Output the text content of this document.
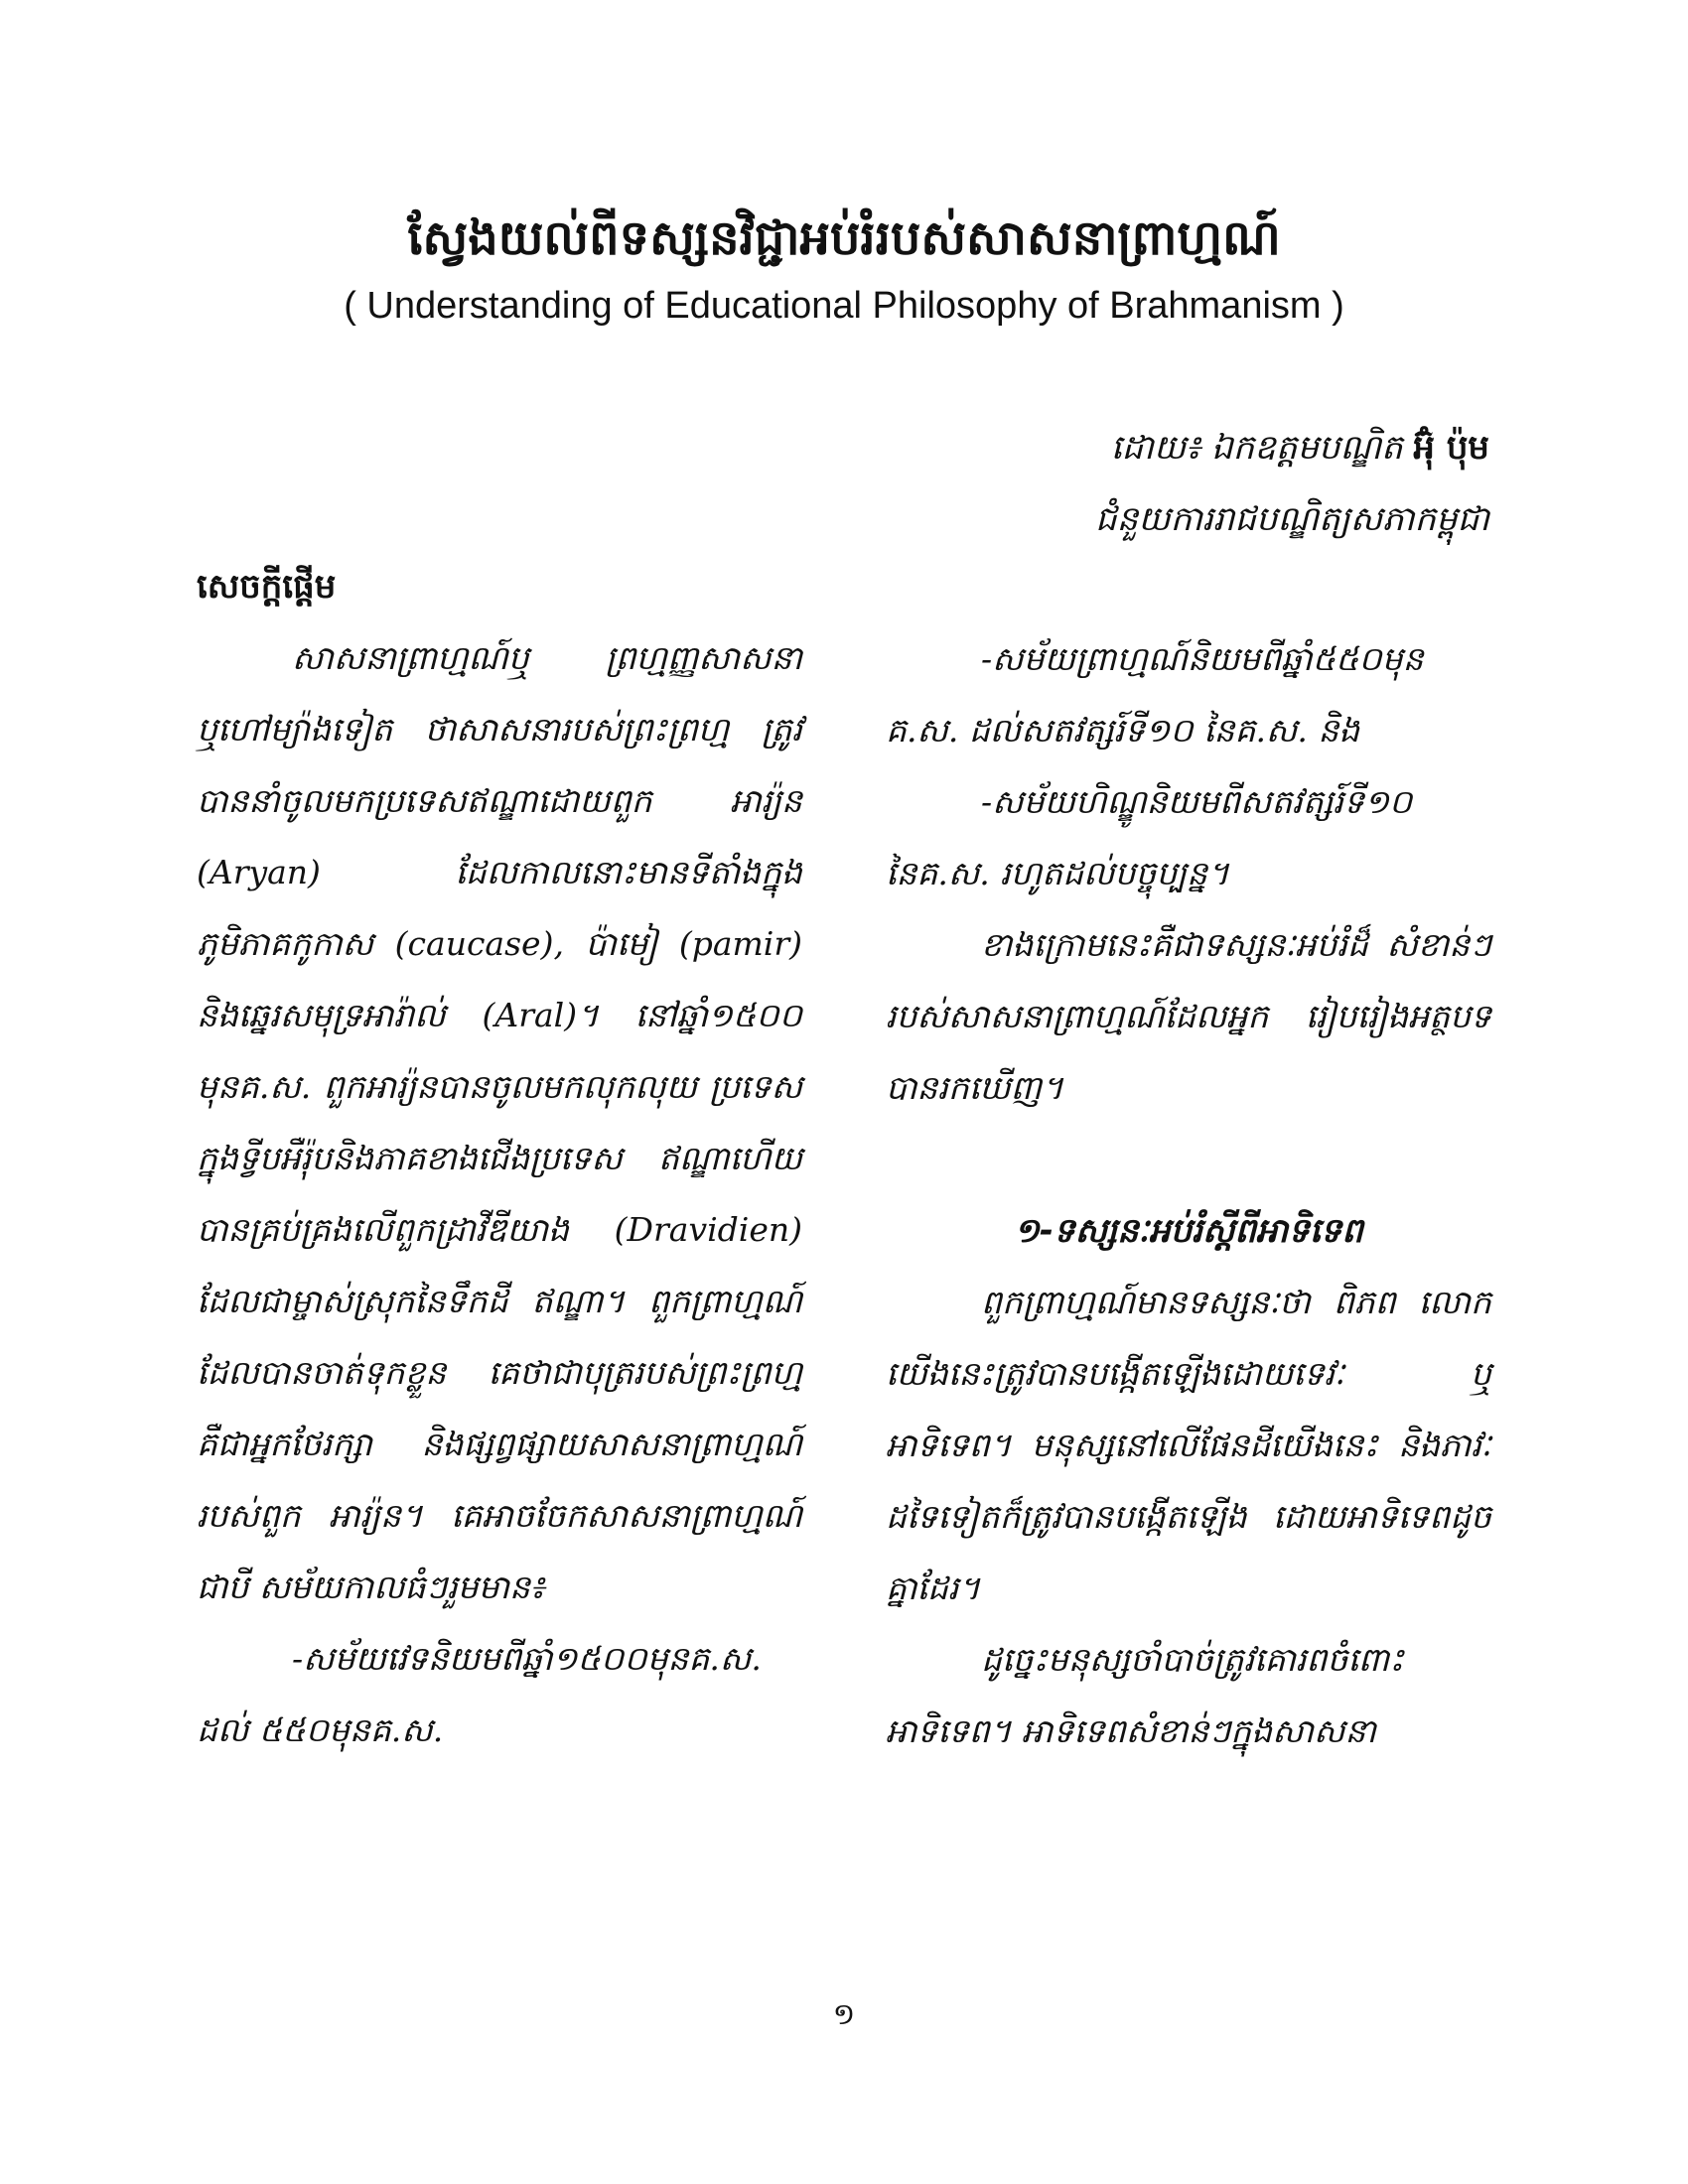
ស្វែងយល់ពីទស្សនវិជ្ជាអប់រំរបស់សាសនាព្រាហ្មណ៍

( Understanding of Educational Philosophy of Brahmanism )

ដោយ៖ ឯកឧត្តមបណ្ឌិត អ៊ុំ ប៉ុម
ជំនួយការរាជបណ្ឌិត្យសភាកម្ពុជា
សេចក្តីផ្តើម

សាសនាព្រាហ្មណ៍ឬ ព្រហ្មញ្ញសាសនា ឬហៅម្យ៉ាងទៀត ថាសាសនារបស់ព្រះព្រហ្ម ត្រូវបាននាំចូលមកប្រទេសឥណ្ឌាដោយពួក អារ្យ៉ន (Aryan) ដែលកាលនោះមានទីតាំងក្នុង ភូមិភាគកូកាស (caucase), ប៉ាមៀ (pamir) និងឆ្នេរសមុទ្រអារ៉ាល់ (Aral)។ នៅឆ្នាំ១៥០០ មុនគ.ស. ពួកអារ្យ៉នបានចូលមកលុកលុយ ប្រទេសក្នុងទ្វីបអឺរ៉ុបនិងភាគខាងជើងប្រទេស ឥណ្ឌាហើយបានគ្រប់គ្រងលើពួកដ្រាវីឌីយាង (Dravidien) ដែលជាម្ចាស់ស្រុកនៃទឹកដី ឥណ្ឌា។ ពួកព្រាហ្មណ៍ដែលបានចាត់ទុកខ្លួន គេថាជាបុត្ររបស់ព្រះព្រហ្មគឺជាអ្នកថែរក្សា និងផ្សព្វផ្សាយសាសនាព្រាហ្មណ៍របស់ពួក អារ្យ៉ន។ គេអាចចែកសាសនាព្រាហ្មណ៍ជាបី សម័យកាលធំៗរួមមាន៖

-សម័យវេទនិយមពីឆ្នាំ១៥០០មុនគ.ស. ដល់ ៥៥០មុនគ.ស.

-សម័យព្រាហ្មណ៍និយមពីឆ្នាំ៥៥០មុន គ.ស. ដល់សតវត្សរ៍ទី១០ នៃគ.ស. និង

-សម័យហិណ្ឌូនិយមពីសតវត្សរ៍ទី១០ នៃគ.ស. រហូតដល់បច្ចុប្បន្ន។

ខាងក្រោមនេះគឺជាទស្សនៈអប់រំដ៏ សំខាន់ៗរបស់សាសនាព្រាហ្មណ៍ដែលអ្នក រៀបរៀងអត្ថបទបានរកឃើញ។

១-ទស្សនៈអប់រំស្តីពីអាទិទេព

ពួកព្រាហ្មណ៍មានទស្សនៈថា ពិភព លោកយើងនេះត្រូវបានបង្កើតឡើងដោយទេវៈ ឬអាទិទេព។ មនុស្សនៅលើផែនដីយើងនេះ និងភាវៈដទៃទៀតក៏ត្រូវបានបង្កើតឡើង ដោយអាទិទេពដូចគ្នាដែរ។

ដូច្នេះមនុស្សចាំបាច់ត្រូវគោរពចំពោះ អាទិទេព។ អាទិទេពសំខាន់ៗក្នុងសាសនា

១
